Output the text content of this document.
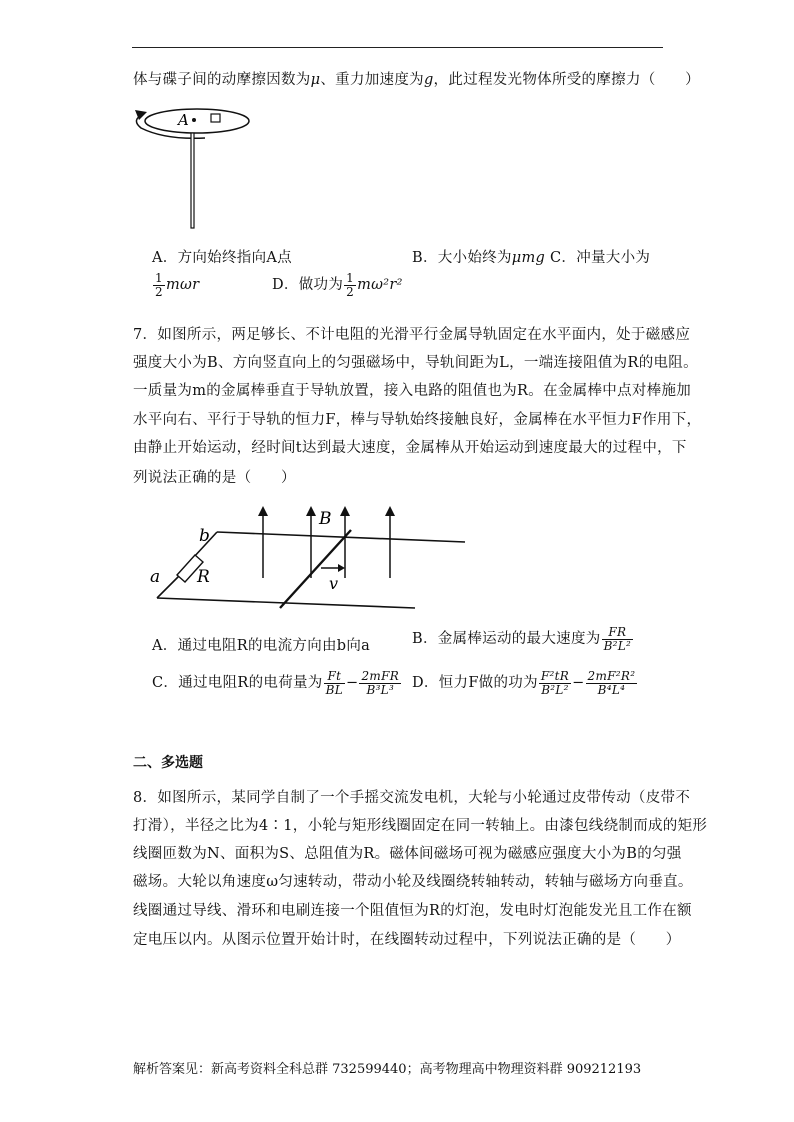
体与碟子间的动摩擦因数为μ、重力加速度为g，此过程发光物体所受的摩擦力（　　）
A
A．方向始终指向A点	B．大小始终为μmg C．冲量大小为
$\frac{1}{2}$ mωr	D．做功为 $\frac{1}{2} m\omega^2r^2$
7．如图所示，两足够长、不计电阻的光滑平行金属导轨固定在水平面内，处于磁感应
强度大小为B、方向竖直向上的匀强磁场中，导轨间距为L，一端连接阻值为R的电阻。
一质量为m的金属棒垂直于导轨放置，接入电路的阻值也为R。在金属棒中点对棒施加
水平向右、平行于导轨的恒力F，棒与导轨始终接触良好，金属棒在水平恒力F作用下，
由静止开始运动，经时间t达到最大速度，金属棒从开始运动到速度最大的过程中，下
列说法正确的是（　　）
b
a R
B
v
A．通过电阻R的电流方向由b向a	B．金属棒运动的最大速度为 $\frac{FR}{\text{B²L²}}$
C．通过电阻R的电荷量为 $\frac{Ft}{BL} - \frac{\text{2mFR}}{\text{B³L³}}$ D．恒力F做的功为 $\frac{\text{F²tR}}{\text{B²L²}} - \frac{\text{2mF²R²}}{\text{B⁴L⁴}}$
二、多选题
8．如图所示，某同学自制了一个手摇交流发电机，大轮与小轮通过皮带传动（皮带不
打滑），半径之比为4∶1，小轮与矩形线圈固定在同一转轴上。由漆包线绕制而成的矩形
线圈匝数为N、面积为S、总阻值为R。磁体间磁场可视为磁感应强度大小为B的匀强
磁场。大轮以角速度ω匀速转动，带动小轮及线圈绕转轴转动，转轴与磁场方向垂直。
线圈通过导线、滑环和电刷连接一个阻值恒为R的灯泡，发电时灯泡能发光且工作在额
定电压以内。从图示位置开始计时，在线圈转动过程中，下列说法正确的是（　　）
解析答案见：新高考资料全科总群 732599440；高考物理高中物理资料群 909212193
